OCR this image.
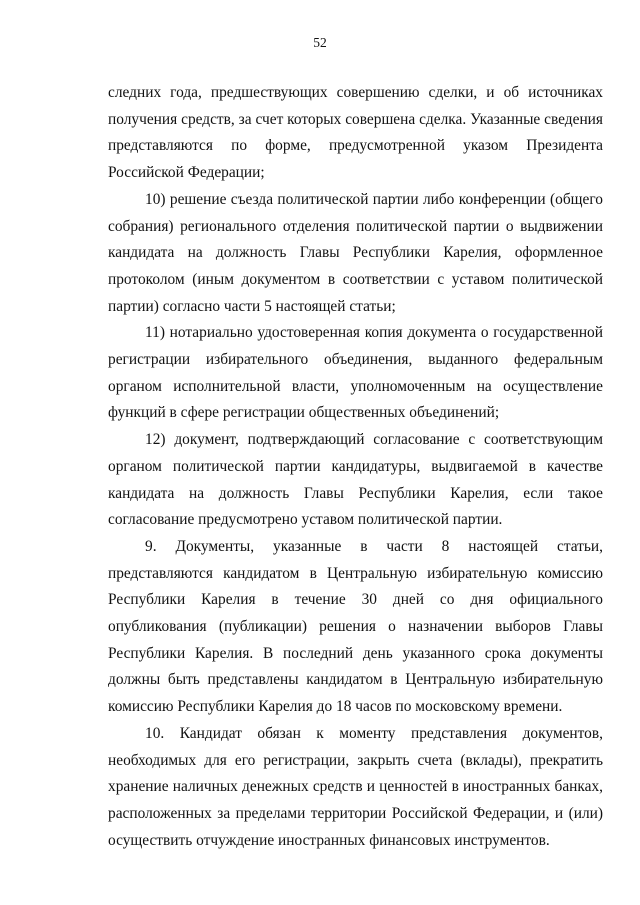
52

следних года, предшествующих совершению сделки, и об источниках получения средств, за счет которых совершена сделка. Указанные сведения представляются по форме, предусмотренной указом Президента Российской Федерации;

10) решение съезда политической партии либо конференции (общего собрания) регионального отделения политической партии о выдвижении кандидата на должность Главы Республики Карелия, оформленное протоколом (иным документом в соответствии с уставом политической партии) согласно части 5 настоящей статьи;

11) нотариально удостоверенная копия документа о государственной регистрации избирательного объединения, выданного федеральным органом исполнительной власти, уполномоченным на осуществление функций в сфере регистрации общественных объединений;

12) документ, подтверждающий согласование с соответствующим органом политической партии кандидатуры, выдвигаемой в качестве кандидата на должность Главы Республики Карелия, если такое согласование предусмотрено уставом политической партии.

9. Документы, указанные в части 8 настоящей статьи, представляются кандидатом в Центральную избирательную комиссию Республики Карелия в течение 30 дней со дня официального опубликования (публикации) решения о назначении выборов Главы Республики Карелия. В последний день указанного срока документы должны быть представлены кандидатом в Центральную избирательную комиссию Республики Карелия до 18 часов по московскому времени.

10. Кандидат обязан к моменту представления документов, необходимых для его регистрации, закрыть счета (вклады), прекратить хранение наличных денежных средств и ценностей в иностранных банках, расположенных за пределами территории Российской Федерации, и (или) осуществить отчуждение иностранных финансовых инструментов.
